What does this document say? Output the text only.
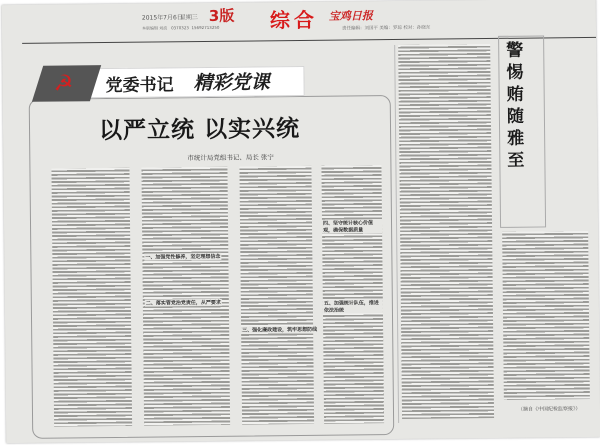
2015年7月6日
星期三 3版
本版编辑 刘流 0370323 15692713250	综合 宝鸡日报
责任编辑：刘国平 美编：罗琼 校对：孙晓东
☭ 党委书记 精彩党课
以严立统 以实兴统
市统计局党组书记、局长 张宁
一、加强党性修养，坚定理想信念
二、落实管党治党责任，从严要求
三、强化廉政建设，筑牢思想防线
四、坚守统计核心价值观，确保数据质量
五、加强统计队伍，推进依法治统
警惕贿随雅至
（摘自《中国纪检监察报》）
